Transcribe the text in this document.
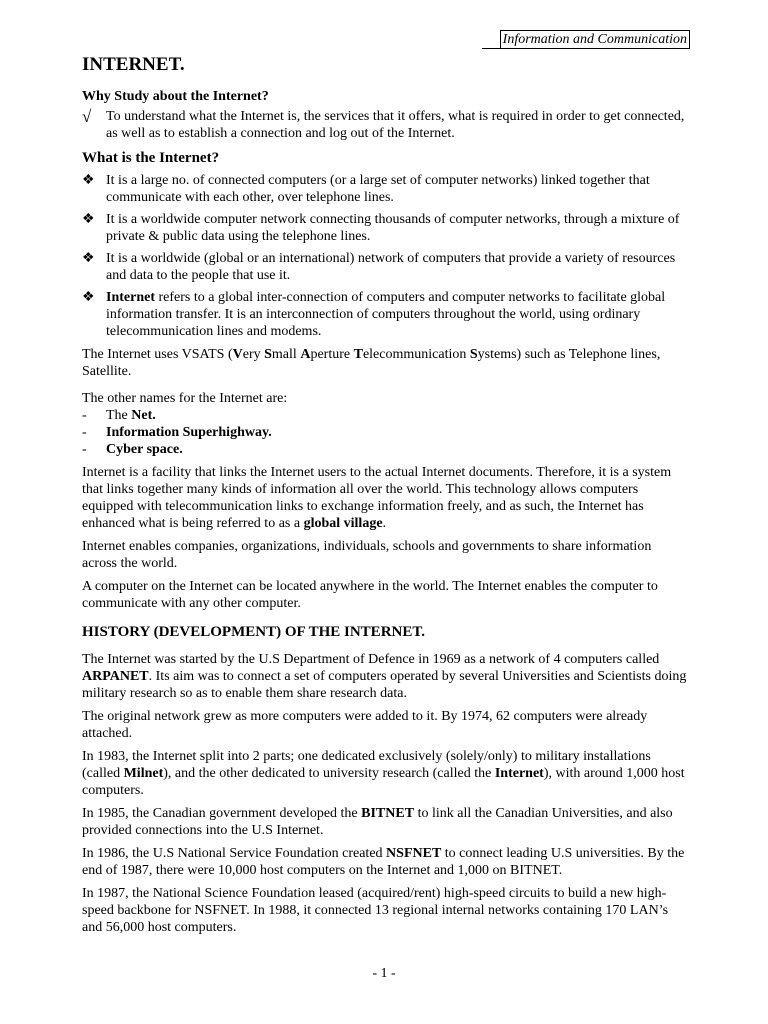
Information and Communication
INTERNET.
Why Study about the Internet?
√	To understand what the Internet is, the services that it offers, what is required in order to get connected, as well as to establish a connection and log out of the Internet.
What is the Internet?
❖ It is a large no. of connected computers (or a large set of computer networks) linked together that communicate with each other, over telephone lines.
❖ It is a worldwide computer network connecting thousands of computer networks, through a mixture of private & public data using the telephone lines.
❖ It is a worldwide (global or an international) network of computers that provide a variety of resources and data to the people that use it.
❖ Internet refers to a global inter-connection of computers and computer networks to facilitate global information transfer. It is an interconnection of computers throughout the world, using ordinary telecommunication lines and modems.

The Internet uses VSATS (Very Small Aperture Telecommunication Systems) such as Telephone lines, Satellite.

The other names for the Internet are:

-	The Net.
-	Information Superhighway.
-	Cyber space.

Internet is a facility that links the Internet users to the actual Internet documents. Therefore, it is a system that links together many kinds of information all over the world. This technology allows computers equipped with telecommunication links to exchange information freely, and as such, the Internet has enhanced what is being referred to as a global village.

Internet enables companies, organizations, individuals, schools and governments to share information across the world.

A computer on the Internet can be located anywhere in the world. The Internet enables the computer to communicate with any other computer.

HISTORY (DEVELOPMENT) OF THE INTERNET.

The Internet was started by the U.S Department of Defence in 1969 as a network of 4 computers called ARPANET. Its aim was to connect a set of computers operated by several Universities and Scientists doing military research so as to enable them share research data.

The original network grew as more computers were added to it. By 1974, 62 computers were already attached.

In 1983, the Internet split into 2 parts; one dedicated exclusively (solely/only) to military installations (called Milnet), and the other dedicated to university research (called the Internet), with around 1,000 host computers.

In 1985, the Canadian government developed the BITNET to link all the Canadian Universities, and also provided connections into the U.S Internet.

In 1986, the U.S National Service Foundation created NSFNET to connect leading U.S universities. By the end of 1987, there were 10,000 host computers on the Internet and 1,000 on BITNET.

In 1987, the National Science Foundation leased (acquired/rent) high-speed circuits to build a new high-speed backbone for NSFNET. In 1988, it connected 13 regional internal networks containing 170 LAN’s and 56,000 host computers.

- 1 -
